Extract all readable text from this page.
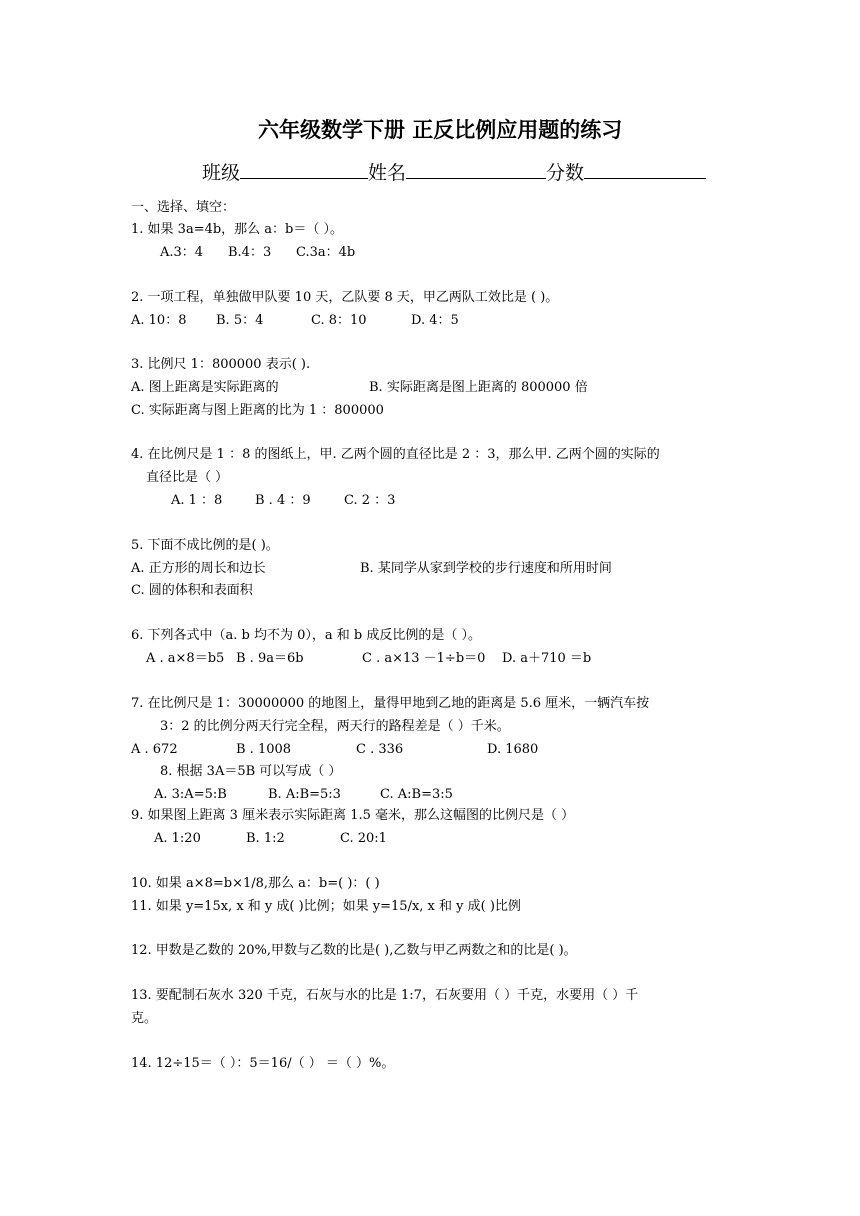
六年级数学下册 正反比例应用题的练习
班级	姓名	分数
一、选择、填空：
1. 如果 3a=4b，那么 a：b＝（ ）。
A.3：4 B.4：3 C.3a：4b
2. 一项工程，单独做甲队要 10 天，乙队要 8 天，甲乙两队工效比是 ( )。
A. 10：8 B. 5：4	C. 8：10	D. 4：5
3. 比例尺 1：800000 表示( ).
A. 图上距离是实际距离的	B. 实际距离是图上距离的 800000 倍
C. 实际距离与图上距离的比为 1 ：800000
4. 在比例尺是 1 ：8 的图纸上，甲. 乙两个圆的直径比是 2 ：3，那么甲. 乙两个圆的实际的
直径比是（ ）
A. 1 ：8	B . 4 ：9	C. 2 ：3
5. 下面不成比例的是( )。
A. 正方形的周长和边长	B. 某同学从家到学校的步行速度和所用时间
C. 圆的体积和表面积
6. 下列各式中（a. b 均不为 0），a 和 b 成反比例的是（ ）。
A . a×8＝b5 B . 9a＝6b	C . a×13 －1÷b＝0 D. a＋710 ＝b
7. 在比例尺是 1：30000000 的地图上，量得甲地到乙地的距离是 5.6 厘米，一辆汽车按
3：2 的比例分两天行完全程，两天行的路程差是（ ）千米。
A . 672	B . 1008	C . 336	D. 1680
8. 根据 3A＝5B 可以写成（ ）
A. 3:A=5:B	B. A:B=5:3	C. A:B=3:5
9. 如果图上距离 3 厘米表示实际距离 1.5 毫米，那么这幅图的比例尺是（ ）
A. 1:20	B. 1:2	C. 20:1
10. 如果 a×8=b×1/8,那么 a：b=( )：( )
11. 如果 y=15x, x 和 y 成( )比例；如果 y=15/x, x 和 y 成( )比例
12. 甲数是乙数的 20%,甲数与乙数的比是( ),乙数与甲乙两数之和的比是( )。
13. 要配制石灰水 320 千克，石灰与水的比是 1:7，石灰要用（ ）千克，水要用（ ）千
克。
14. 12÷15＝（ ）：5＝16/（ ） ＝（ ）%。
